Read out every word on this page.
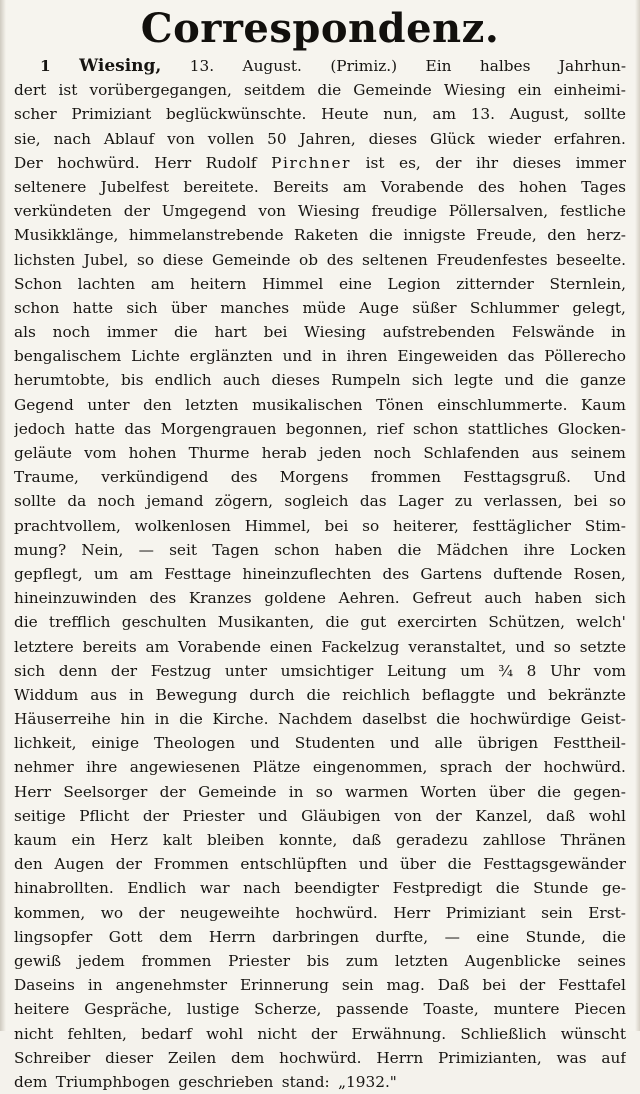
Correspondenz.
1 Wiesing, 13. August. (Primiz.) Ein halbes Jahrhun-
dert ist vorübergegangen, seitdem die Gemeinde Wiesing ein einheimi-
scher Primiziant beglückwünschte. Heute nun, am 13. August, sollte
sie, nach Ablauf von vollen 50 Jahren, dieses Glück wieder erfahren.
Der hochwürd. Herr Rudolf Pirchner ist es, der ihr dieses immer
seltenere Jubelfest bereitete. Bereits am Vorabende des hohen Tages
verkündeten der Umgegend von Wiesing freudige Pöllersalven, festliche
Musikklänge, himmelanstrebende Raketen die innigste Freude, den herz-
lichsten Jubel, so diese Gemeinde ob des seltenen Freudenfestes beseelte.
Schon lachten am heitern Himmel eine Legion zitternder Sternlein,
schon hatte sich über manches müde Auge süßer Schlummer gelegt,
als noch immer die hart bei Wiesing aufstrebenden Felswände in
bengalischem Lichte erglänzten und in ihren Eingeweiden das Pöllerecho
herumtobte, bis endlich auch dieses Rumpeln sich legte und die ganze
Gegend unter den letzten musikalischen Tönen einschlummerte. Kaum
jedoch hatte das Morgengrauen begonnen, rief schon stattliches Glocken-
geläute vom hohen Thurme herab jeden noch Schlafenden aus seinem
Traume, verkündigend des Morgens frommen Festtagsgruß. Und
sollte da noch jemand zögern, sogleich das Lager zu verlassen, bei so
prachtvollem, wolkenlosen Himmel, bei so heiterer, festtäglicher Stim-
mung? Nein, — seit Tagen schon haben die Mädchen ihre Locken
gepflegt, um am Festtage hineinzuflechten des Gartens duftende Rosen,
hineinzuwinden des Kranzes goldene Aehren. Gefreut auch haben sich
die trefflich geschulten Musikanten, die gut exercirten Schützen, welch'
letztere bereits am Vorabende einen Fackelzug veranstaltet, und so setzte
sich denn der Festzug unter umsichtiger Leitung um ¾ 8 Uhr vom
Widdum aus in Bewegung durch die reichlich beflaggte und bekränzte
Häuserreihe hin in die Kirche. Nachdem daselbst die hochwürdige Geist-
lichkeit, einige Theologen und Studenten und alle übrigen Festtheil-
nehmer ihre angewiesenen Plätze eingenommen, sprach der hochwürd.
Herr Seelsorger der Gemeinde in so warmen Worten über die gegen-
seitige Pflicht der Priester und Gläubigen von der Kanzel, daß wohl
kaum ein Herz kalt bleiben konnte, daß geradezu zahllose Thränen
den Augen der Frommen entschlüpften und über die Festtagsgewänder
hinabrollten. Endlich war nach beendigter Festpredigt die Stunde ge-
kommen, wo der neugeweihte hochwürd. Herr Primiziant sein Erst-
lingsopfer Gott dem Herrn darbringen durfte, — eine Stunde, die
gewiß jedem frommen Priester bis zum letzten Augenblicke seines
Daseins in angenehmster Erinnerung sein mag. Daß bei der Festtafel
heitere Gespräche, lustige Scherze, passende Toaste, muntere Piecen
nicht fehlten, bedarf wohl nicht der Erwähnung. Schließlich wünscht
Schreiber dieser Zeilen dem hochwürd. Herrn Primizianten, was auf
dem Triumphbogen geschrieben stand: „1932."
